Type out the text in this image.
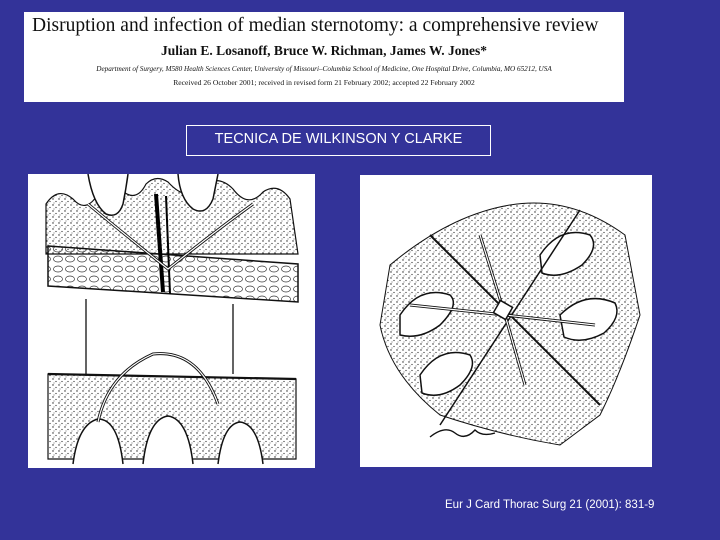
Disruption and infection of median sternotomy: a comprehensive review
Julian E. Losanoff, Bruce W. Richman, James W. Jones*
Department of Surgery, M580 Health Sciences Center, University of Missouri–Columbia School of Medicine, One Hospital Drive, Columbia, MO 65212, USA
Received 26 October 2001; received in revised form 21 February 2002; accepted 22 February 2002
TECNICA DE WILKINSON Y CLARKE
Eur J Card Thorac Surg 21 (2001): 831-9
